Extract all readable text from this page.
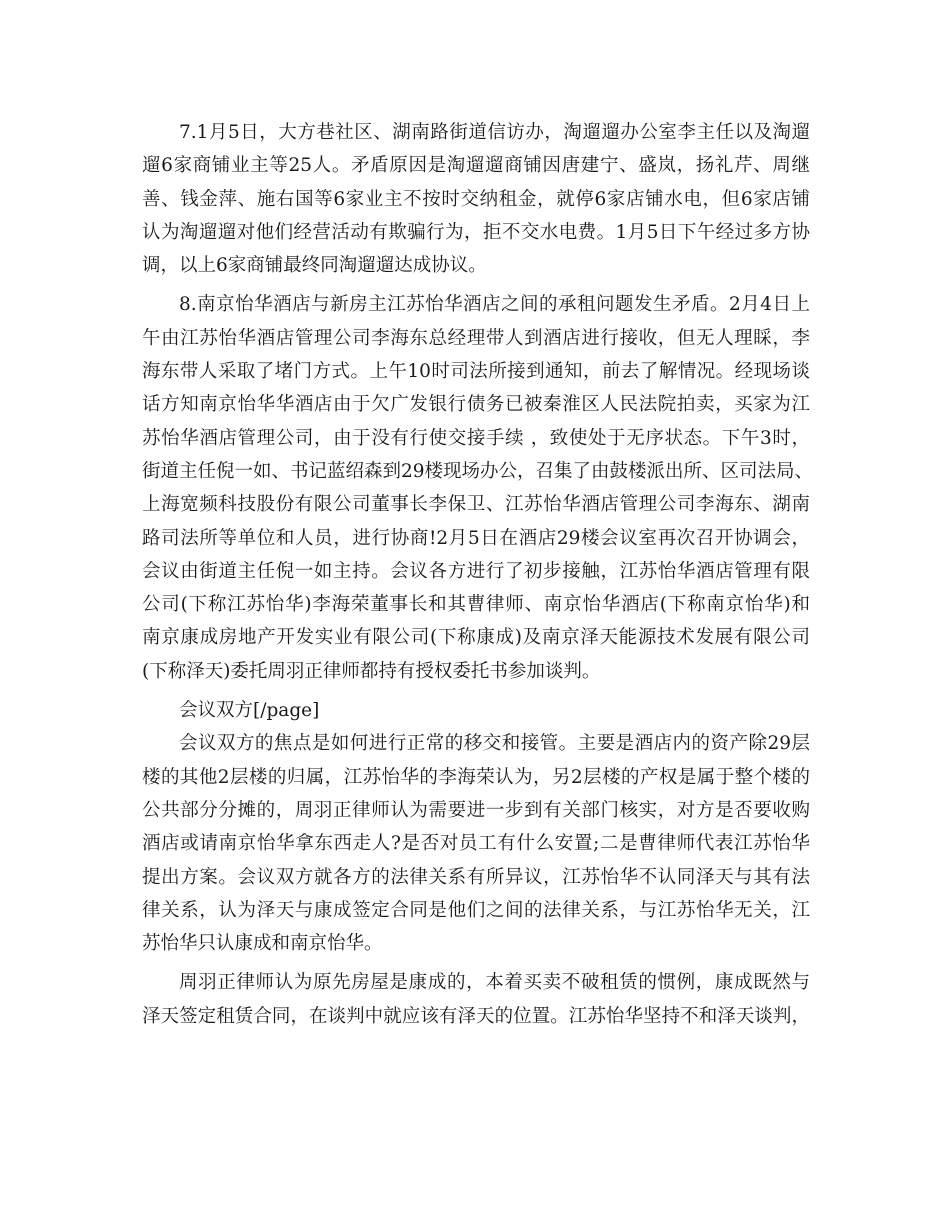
7.1月5日，大方巷社区、湖南路街道信访办，淘遛遛办公室李主任以及淘遛
遛6家商铺业主等25人。矛盾原因是淘遛遛商铺因唐建宁、盛岚，扬礼芹、周继
善、钱金萍、施右国等6家业主不按时交纳租金，就停6家店铺水电，但6家店铺
认为淘遛遛对他们经营活动有欺骗行为，拒不交水电费。1月5日下午经过多方协
调，以上6家商铺最终同淘遛遛达成协议。
8.南京怡华酒店与新房主江苏怡华酒店之间的承租问题发生矛盾。2月4日上
午由江苏怡华酒店管理公司李海东总经理带人到酒店进行接收，但无人理睬，李
海东带人采取了堵门方式。上午10时司法所接到通知，前去了解情况。经现场谈
话方知南京怡华华酒店由于欠广发银行债务已被秦淮区人民法院拍卖，买家为江
苏怡华酒店管理公司，由于没有行使交接手续 ，致使处于无序状态。下午3时，
街道主任倪一如、书记蓝绍森到29楼现场办公，召集了由鼓楼派出所、区司法局、
上海宽频科技股份有限公司董事长李保卫、江苏怡华酒店管理公司李海东、湖南
路司法所等单位和人员，进行协商!2月5日在酒店29楼会议室再次召开协调会，
会议由街道主任倪一如主持。会议各方进行了初步接触，江苏怡华酒店管理有限
公司(下称江苏怡华)李海荣董事长和其曹律师、南京怡华酒店(下称南京怡华)和
南京康成房地产开发实业有限公司(下称康成)及南京泽天能源技术发展有限公司
(下称泽天)委托周羽正律师都持有授权委托书参加谈判。
会议双方[/page]
会议双方的焦点是如何进行正常的移交和接管。主要是酒店内的资产除29层
楼的其他2层楼的归属，江苏怡华的李海荣认为，另2层楼的产权是属于整个楼的
公共部分分摊的，周羽正律师认为需要进一步到有关部门核实，对方是否要收购
酒店或请南京怡华拿东西走人?是否对员工有什么安置;二是曹律师代表江苏怡华
提出方案。会议双方就各方的法律关系有所异议，江苏怡华不认同泽天与其有法
律关系，认为泽天与康成签定合同是他们之间的法律关系，与江苏怡华无关，江
苏怡华只认康成和南京怡华。
周羽正律师认为原先房屋是康成的，本着买卖不破租赁的惯例，康成既然与
泽天签定租赁合同，在谈判中就应该有泽天的位置。江苏怡华坚持不和泽天谈判，
